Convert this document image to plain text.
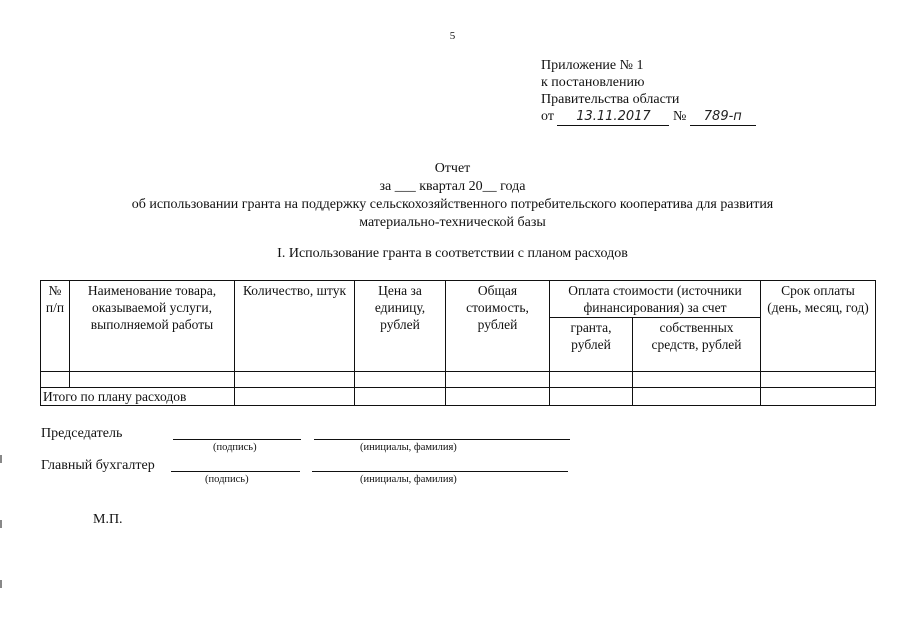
5
Приложение № 1
к постановлению
Правительства области
от 13.11.2017 № 789-п
Отчет
за ___ квартал 20__ года
об использовании гранта на поддержку сельскохозяйственного потребительского кооператива для развития
материально-технической базы
I. Использование гранта в соответствии с планом расходов
№ п/п	Наименование товара, оказываемой услуги, выполняемой работы	Количество, штук	Цена за единицу, рублей	Общая стоимость, рублей	Оплата стоимости (источники финансирования) за счет		Срок оплаты (день, месяц, год)
					гранта, рублей	собственных средств, рублей	

Итого по плану расходов							
Председатель
(подпись)	(инициалы, фамилия)
Главный бухгалтер
(подпись)	(инициалы, фамилия)
М.П.
